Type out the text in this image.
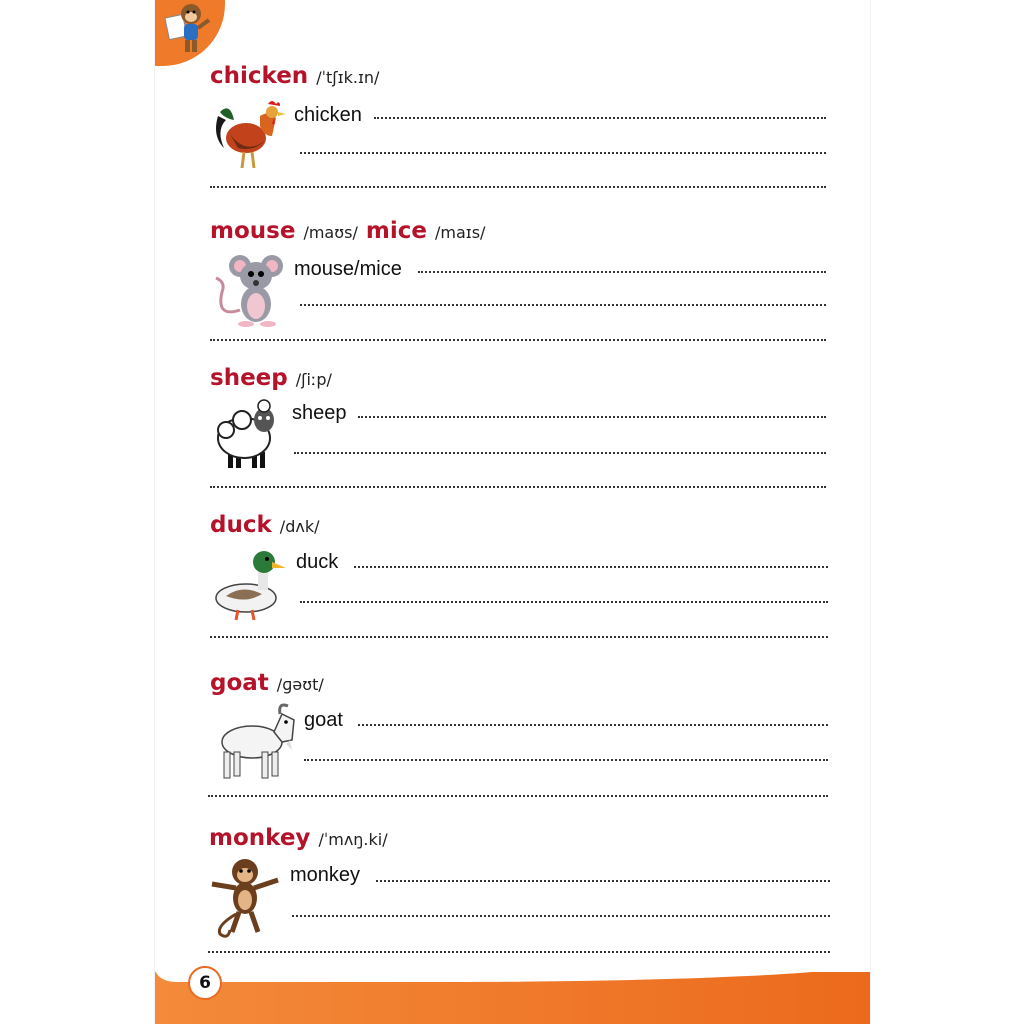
chicken /ˈtʃɪk.ɪn/
chicken
mouse /maʊs/ mice /maɪs/
mouse/mice
sheep /ʃiːp/
sheep
duck /dʌk/
duck
goat /ɡəʊt/
goat
monkey /ˈmʌŋ.ki/
monkey
6
